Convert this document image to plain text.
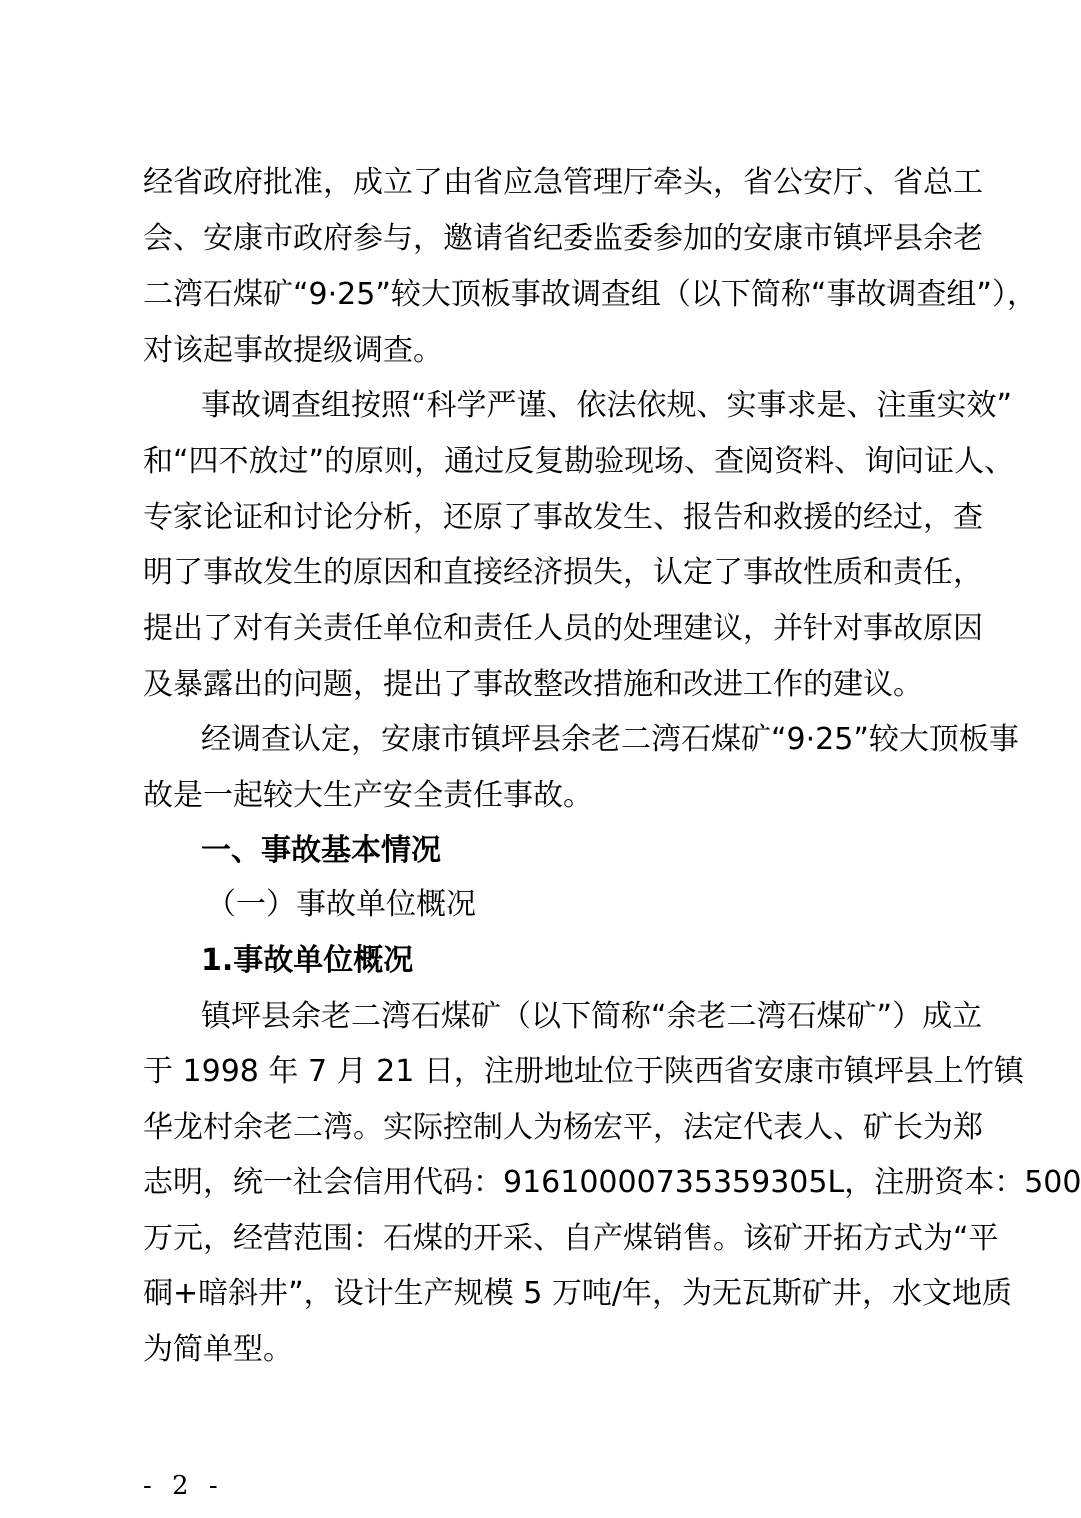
经省政府批准，成立了由省应急管理厅牵头，省公安厅、省总工
会、安康市政府参与，邀请省纪委监委参加的安康市镇坪县余老
二湾石煤矿“9·25”较大顶板事故调查组（以下简称“事故调查组”），
对该起事故提级调查。
事故调查组按照“科学严谨、依法依规、实事求是、注重实效”
和“四不放过”的原则，通过反复勘验现场、查阅资料、询问证人、
专家论证和讨论分析，还原了事故发生、报告和救援的经过，查
明了事故发生的原因和直接经济损失，认定了事故性质和责任，
提出了对有关责任单位和责任人员的处理建议，并针对事故原因
及暴露出的问题，提出了事故整改措施和改进工作的建议。
经调查认定，安康市镇坪县余老二湾石煤矿“9·25”较大顶板事
故是一起较大生产安全责任事故。
一、事故基本情况
（一）事故单位概况
1.事故单位概况
镇坪县余老二湾石煤矿（以下简称“余老二湾石煤矿”）成立
于 1998 年 7 月 21 日，注册地址位于陕西省安康市镇坪县上竹镇
华龙村余老二湾。实际控制人为杨宏平，法定代表人、矿长为郑
志明，统一社会信用代码：91610000735359305L，注册资本：500
万元，经营范围：石煤的开采、自产煤销售。该矿开拓方式为“平
硐+暗斜井”，设计生产规模 5 万吨/年，为无瓦斯矿井，水文地质
为简单型。
- 2 -
